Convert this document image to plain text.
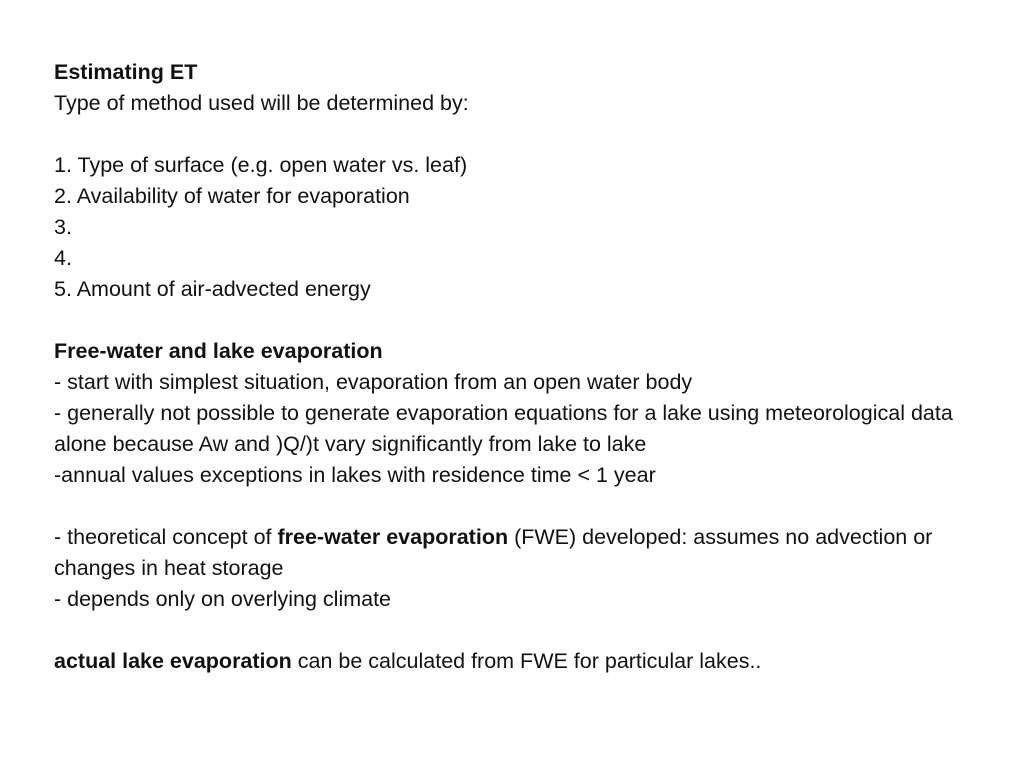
Estimating ET
Type of method used will be determined by:
1. Type of surface (e.g. open water vs. leaf)
2. Availability of water for evaporation
3.
4.
5. Amount of air-advected energy
Free-water and lake evaporation
- start with simplest situation, evaporation from an open water body
- generally not possible to generate evaporation equations for a lake using meteorological data alone because Aw and )Q/)t vary significantly from lake to lake
-annual values exceptions in lakes with residence time < 1 year
- theoretical concept of free-water evaporation (FWE) developed: assumes no advection or changes in heat storage
- depends only on overlying climate
actual lake evaporation can be calculated from FWE for particular lakes..
